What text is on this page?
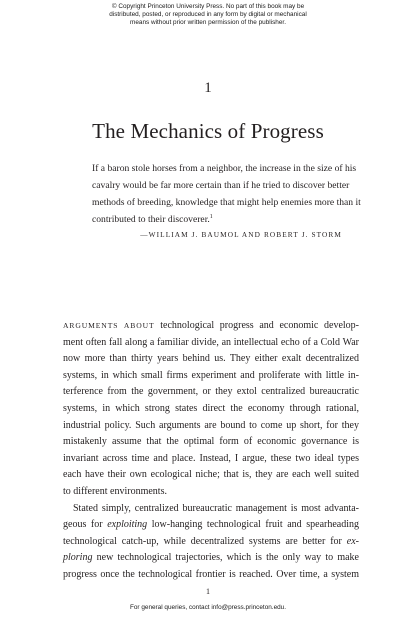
© Copyright Princeton University Press. No part of this book may be
distributed, posted, or reproduced in any form by digital or mechanical
means without prior written permission of the publisher.
1
The Mechanics of Progress
If a baron stole horses from a neighbor, the increase in the size of his
cavalry would be far more certain than if he tried to discover better
methods of breeding, knowledge that might help enemies more than it
contributed to their discoverer.$^1$
—WILLIAM J. BAUMOL AND ROBERT J. STORM
ARGUMENTS ABOUT technological progress and economic develop-
ment often fall along a familiar divide, an intellectual echo of a Cold War
now more than thirty years behind us. They either exalt decentralized
systems, in which small firms experiment and proliferate with little in-
terference from the government, or they extol centralized bureaucratic
systems, in which strong states direct the economy through rational,
industrial policy. Such arguments are bound to come up short, for they
mistakenly assume that the optimal form of economic governance is
invariant across time and place. Instead, I argue, these two ideal types
each have their own ecological niche; that is, they are each well suited
to different environments.
Stated simply, centralized bureaucratic management is most advanta-
geous for exploiting low-hanging technological fruit and spearheading
technological catch-up, while decentralized systems are better for ex-
ploring new technological trajectories, which is the only way to make
progress once the technological frontier is reached. Over time, a system
1
For general queries, contact info@press.princeton.edu.
